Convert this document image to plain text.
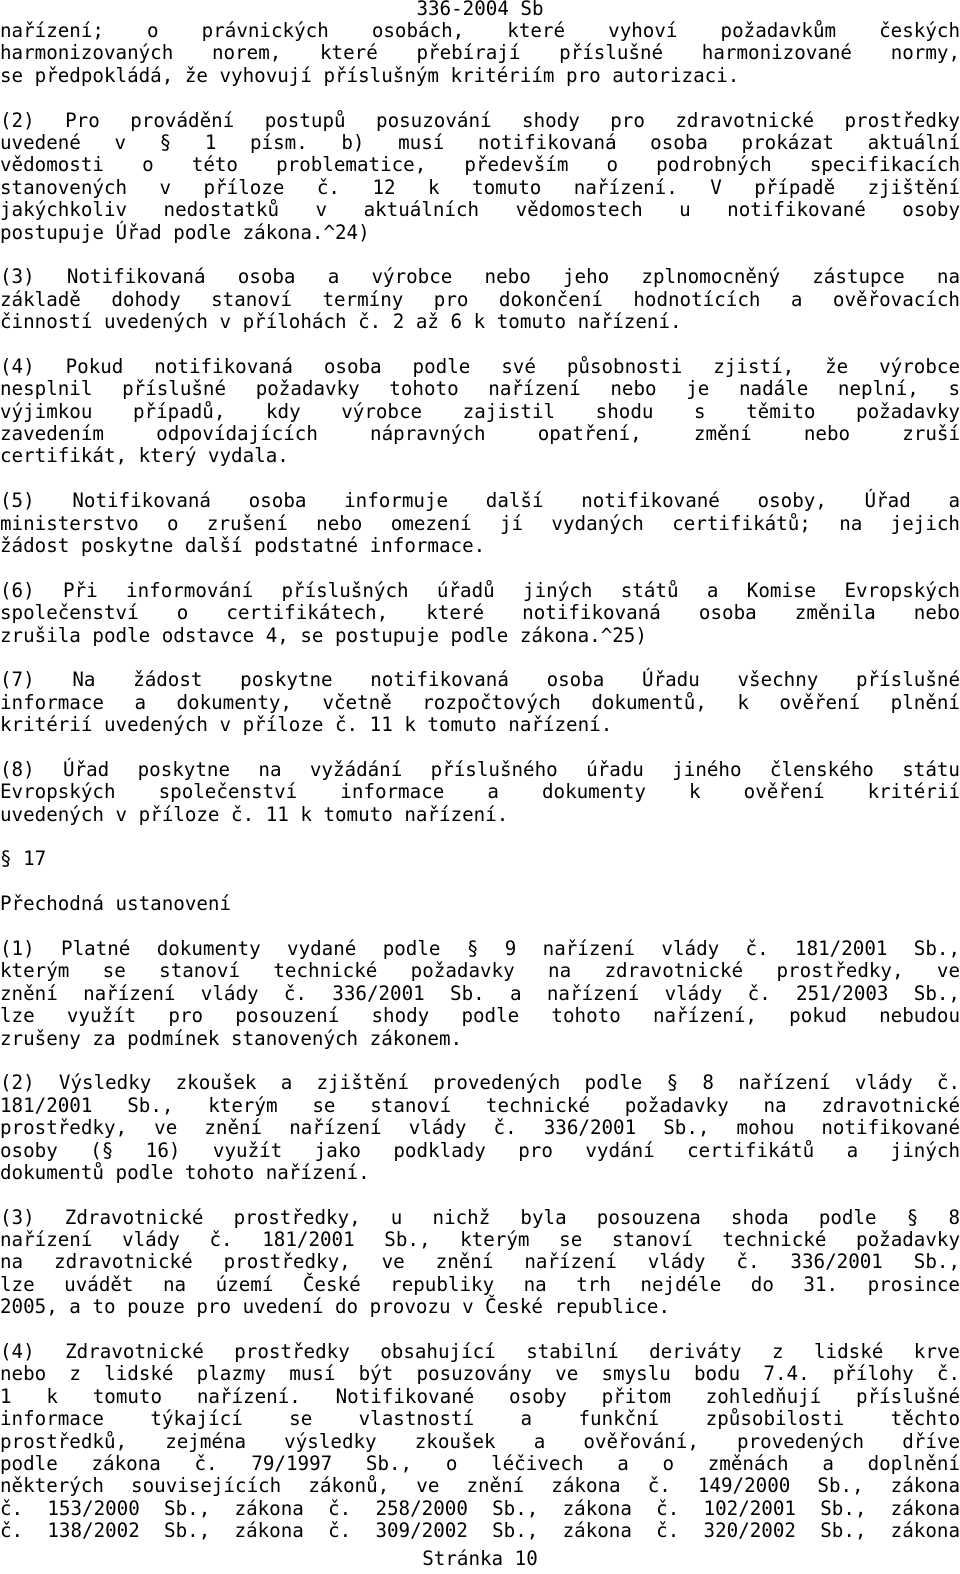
336-2004 Sb
nařízení; o právnických osobách, které vyhoví požadavkům českých
harmonizovaných norem, které přebírají příslušné harmonizované normy,
se předpokládá, že vyhovují příslušným kritériím pro autorizaci.
(2) Pro provádění postupů posuzování shody pro zdravotnické prostředky
uvedené v § 1 písm. b) musí notifikovaná osoba prokázat aktuální
vědomosti o této problematice, především o podrobných specifikacích
stanovených v příloze č. 12 k tomuto nařízení. V případě zjištění
jakýchkoliv nedostatků v aktuálních vědomostech u notifikované osoby
postupuje Úřad podle zákona.^24)
(3) Notifikovaná osoba a výrobce nebo jeho zplnomocněný zástupce na
základě dohody stanoví termíny pro dokončení hodnotících a ověřovacích
činností uvedených v přílohách č. 2 až 6 k tomuto nařízení.
(4) Pokud notifikovaná osoba podle své působnosti zjistí, že výrobce
nesplnil příslušné požadavky tohoto nařízení nebo je nadále neplní, s
výjimkou případů, kdy výrobce zajistil shodu s těmito požadavky
zavedením odpovídajících nápravných opatření, změní nebo zruší
certifikát, který vydala.
(5) Notifikovaná osoba informuje další notifikované osoby, Úřad a
ministerstvo o zrušení nebo omezení jí vydaných certifikátů; na jejich
žádost poskytne další podstatné informace.
(6) Při informování příslušných úřadů jiných států a Komise Evropských
společenství o certifikátech, které notifikovaná osoba změnila nebo
zrušila podle odstavce 4, se postupuje podle zákona.^25)
(7) Na žádost poskytne notifikovaná osoba Úřadu všechny příslušné
informace a dokumenty, včetně rozpočtových dokumentů, k ověření plnění
kritérií uvedených v příloze č. 11 k tomuto nařízení.
(8) Úřad poskytne na vyžádání příslušného úřadu jiného členského státu
Evropských společenství informace a dokumenty k ověření kritérií
uvedených v příloze č. 11 k tomuto nařízení.
§ 17
Přechodná ustanovení
(1) Platné dokumenty vydané podle § 9 nařízení vlády č. 181/2001 Sb.,
kterým se stanoví technické požadavky na zdravotnické prostředky, ve
znění nařízení vlády č. 336/2001 Sb. a nařízení vlády č. 251/2003 Sb.,
lze využít pro posouzení shody podle tohoto nařízení, pokud nebudou
zrušeny za podmínek stanovených zákonem.
(2) Výsledky zkoušek a zjištění provedených podle § 8 nařízení vlády č.
181/2001 Sb., kterým se stanoví technické požadavky na zdravotnické
prostředky, ve znění nařízení vlády č. 336/2001 Sb., mohou notifikované
osoby (§ 16) využít jako podklady pro vydání certifikátů a jiných
dokumentů podle tohoto nařízení.
(3) Zdravotnické prostředky, u nichž byla posouzena shoda podle § 8
nařízení vlády č. 181/2001 Sb., kterým se stanoví technické požadavky
na zdravotnické prostředky, ve znění nařízení vlády č. 336/2001 Sb.,
lze uvádět na území České republiky na trh nejdéle do 31. prosince
2005, a to pouze pro uvedení do provozu v České republice.
(4) Zdravotnické prostředky obsahující stabilní deriváty z lidské krve
nebo z lidské plazmy musí být posuzovány ve smyslu bodu 7.4. přílohy č.
1 k tomuto nařízení. Notifikované osoby přitom zohledňují příslušné
informace týkající se vlastností a funkční způsobilosti těchto
prostředků, zejména výsledky zkoušek a ověřování, provedených dříve
podle zákona č. 79/1997 Sb., o léčivech a o změnách a doplnění
některých souvisejících zákonů, ve znění zákona č. 149/2000 Sb., zákona
č. 153/2000 Sb., zákona č. 258/2000 Sb., zákona č. 102/2001 Sb., zákona
č. 138/2002 Sb., zákona č. 309/2002 Sb., zákona č. 320/2002 Sb., zákona
Stránka 10
